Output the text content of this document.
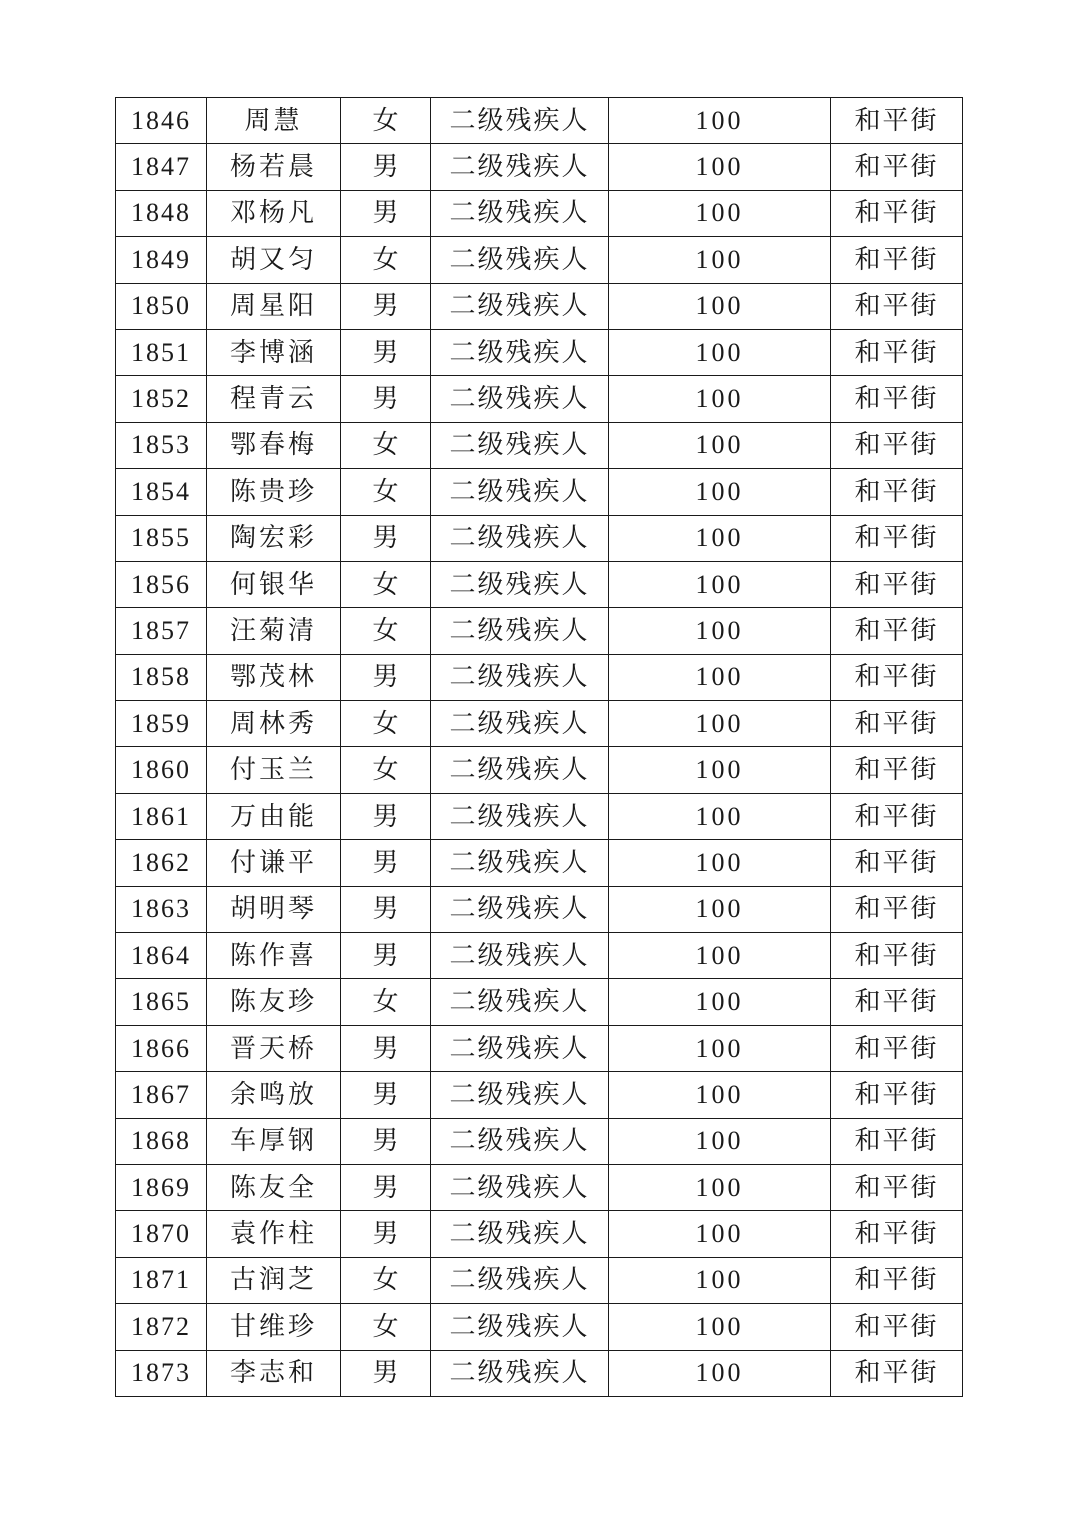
1846	周慧	女	二级残疾人	100	和平街
1847	杨若晨	男	二级残疾人	100	和平街
1848	邓杨凡	男	二级残疾人	100	和平街
1849	胡又匀	女	二级残疾人	100	和平街
1850	周星阳	男	二级残疾人	100	和平街
1851	李博涵	男	二级残疾人	100	和平街
1852	程青云	男	二级残疾人	100	和平街
1853	鄂春梅	女	二级残疾人	100	和平街
1854	陈贵珍	女	二级残疾人	100	和平街
1855	陶宏彩	男	二级残疾人	100	和平街
1856	何银华	女	二级残疾人	100	和平街
1857	汪菊清	女	二级残疾人	100	和平街
1858	鄂茂林	男	二级残疾人	100	和平街
1859	周林秀	女	二级残疾人	100	和平街
1860	付玉兰	女	二级残疾人	100	和平街
1861	万由能	男	二级残疾人	100	和平街
1862	付谦平	男	二级残疾人	100	和平街
1863	胡明琴	男	二级残疾人	100	和平街
1864	陈作喜	男	二级残疾人	100	和平街
1865	陈友珍	女	二级残疾人	100	和平街
1866	晋天桥	男	二级残疾人	100	和平街
1867	余鸣放	男	二级残疾人	100	和平街
1868	车厚钢	男	二级残疾人	100	和平街
1869	陈友全	男	二级残疾人	100	和平街
1870	袁作柱	男	二级残疾人	100	和平街
1871	古润芝	女	二级残疾人	100	和平街
1872	甘维珍	女	二级残疾人	100	和平街
1873	李志和	男	二级残疾人	100	和平街
